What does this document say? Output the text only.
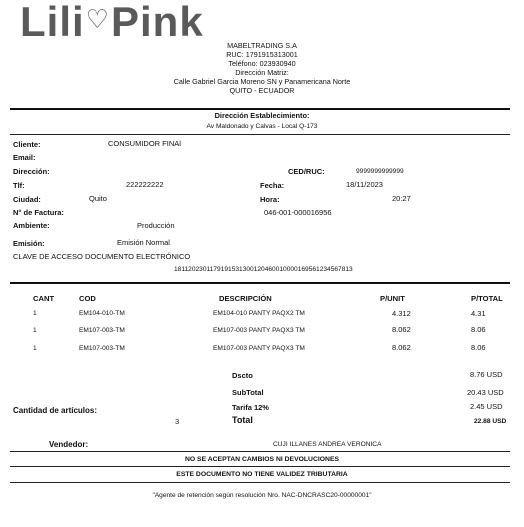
Lili♡Pink
MABELTRADING S.A
RUC: 1791915313001
Teléfono: 023930940
Dirección Matriz:
Calle Gabriel Garcia Moreno SN y Panamericana Norte
QUITO - ECUADOR
Dirección Establecimiento:
Av Maldonado y Calvas - Local Q-173
Cliente:	CONSUMIDOR FINAl
Email:
Dirección:	CED/RUC:	9999999999999
Tlf:	222222222	Fecha:	18/11/2023
Ciudad:	Quito	Hora:	20:27
N° de Factura:	046-001-000016956
Ambiente:	Producción
Emisión:	Emisión Normal
CLAVE DE ACCESO DOCUMENTO ELECTRÓNICO
1811202301179191531300120460010000169561234567813
CANT	COD	DESCRIPCIÓN	P/UNIT	P/TOTAL
1	EM104-010-TM	EM104-010 PANTY PAQX2 TM	4.312	4.31
1	EM107-003-TM	EM107-003 PANTY PAQX3 TM	8.062	8.06
1	EM107-003-TM	EM107-003 PANTY PAQX3 TM	8.062	8.06
Dscto	8.76 USD
SubTotal	20.43 USD
Tarifa 12%	2.45 USD
Cantidad de artículos:
3	Total	22.88 USD
Vendedor:	CUJI ILLANES ANDREA VERONICA
NO SE ACEPTAN CAMBIOS NI DEVOLUCIONES
ESTE DOCUMENTO NO TIENE VALIDEZ TRIBUTARIA
"Agente de retención según resolución Nro. NAC-DNCRASC20-00000001"
